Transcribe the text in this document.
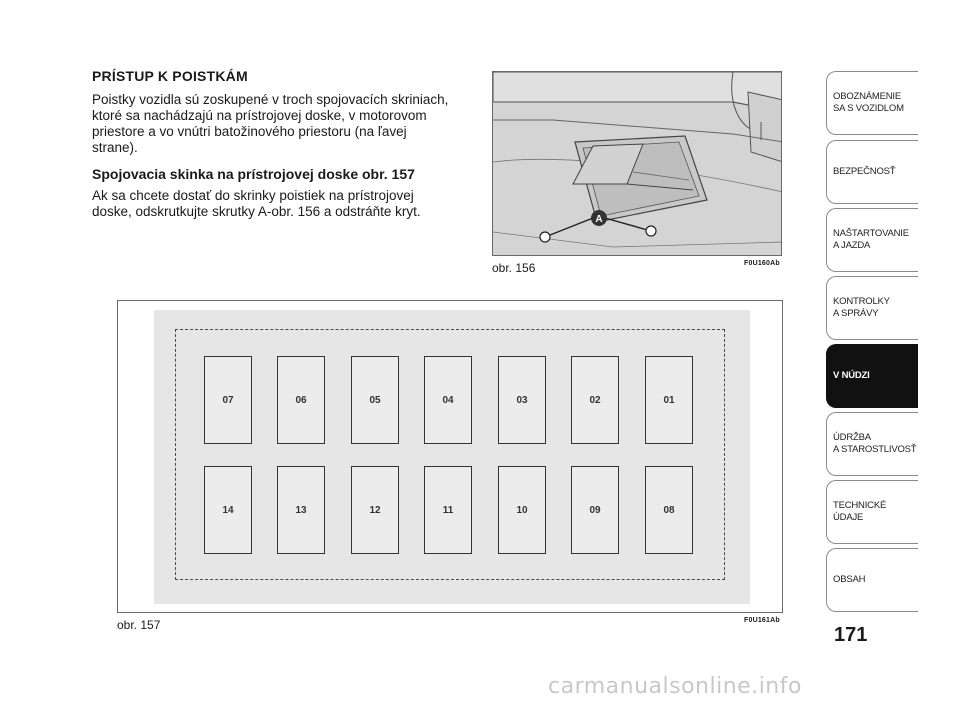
PRÍSTUP K POISTKÁM

Poistky vozidla sú zoskupené v troch spojovacích skriniach, ktoré sa nachádzajú na prístrojovej doske, v motorovom priestore a vo vnútri batožinového priestoru (na ľavej strane).

Spojovacia skinka na prístrojovej doske obr. 157

Ak sa chcete dostať do skrinky poistiek na prístrojovej doske, odskrutkujte skrutky A-obr. 156 a odstráňte kryt.

A
obr. 156	F0U160Ab
07	06	05	04	03	02	01
14	13	12	11	10	09	08
obr. 157	F0U161Ab
OBOZNÁMENIE
SA S VOZIDLOM
BEZPEČNOSŤ
NAŠTARTOVANIE
A JAZDA
KONTROLKY
A SPRÁVY
V NÚDZI
ÚDRŽBA
A STAROSTLIVOSŤ
TECHNICKÉ
ÚDAJE
OBSAH
171
carmanualsonline.info
